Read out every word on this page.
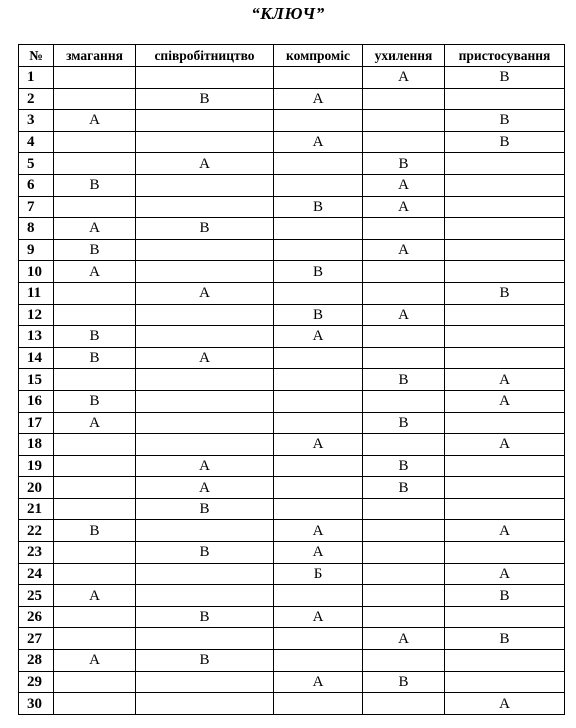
“КЛЮЧ”
№	змагання	співробітництво	компроміс	ухилення	пристосування
1				А	В
2		В	А		
3	А				В
4			А		В
5		А		В	
6	В			А	
7			В	А	
8	А	В			
9	В			А	
10	А		В		
11		А			В
12			В	А	
13	В		А		
14	В	А			
15				В	А
16	В				А
17	А			В	
18			А		А
19		А		В	
20		А		В	
21		В			
22	В		А		А
23		В	А		
24			Б		А
25	А				В
26		В	А		
27				А	В
28	А	В			
29			А	В	
30					А
